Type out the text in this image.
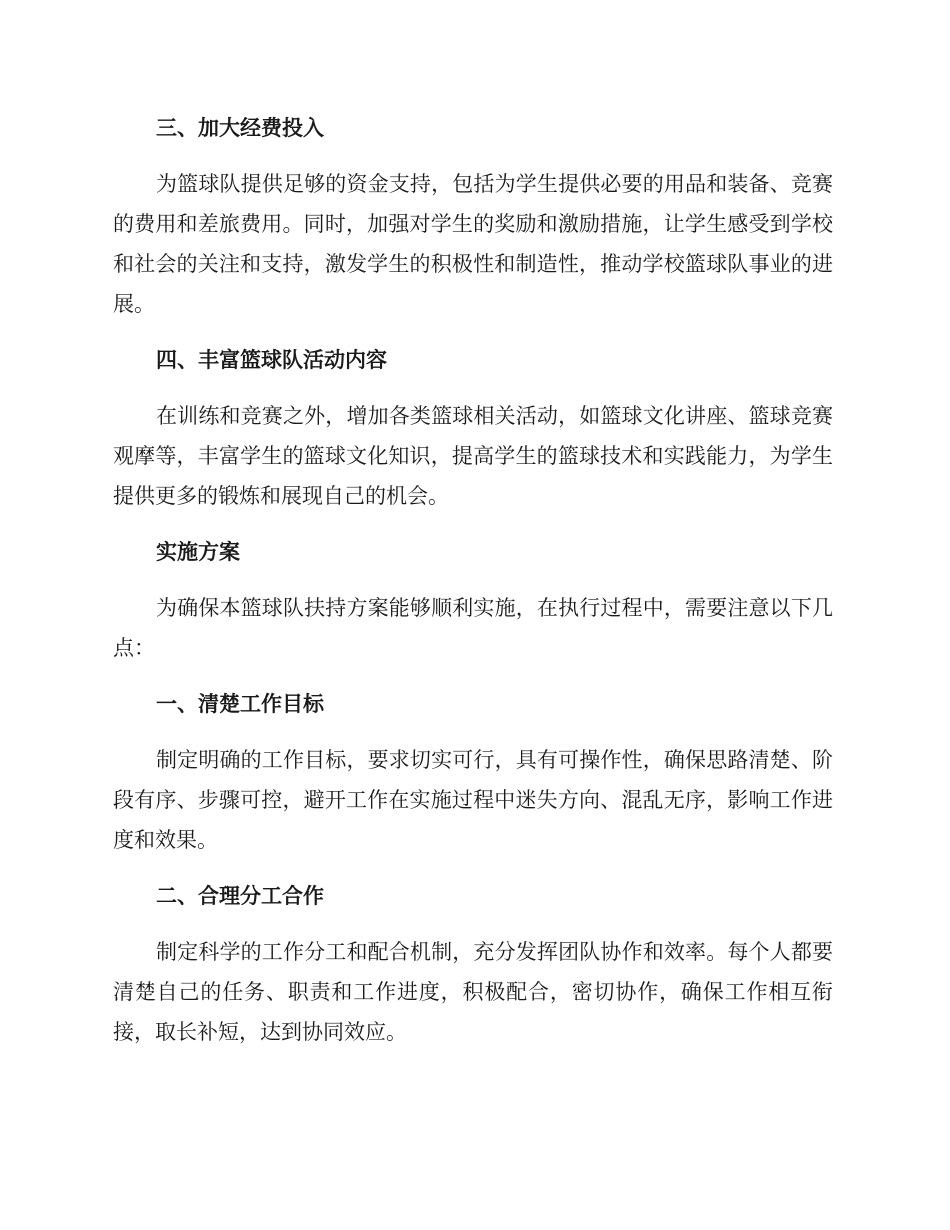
三、加大经费投入

为篮球队提供足够的资金支持，包括为学生提供必要的用品和装备、竞赛的费用和差旅费用。同时，加强对学生的奖励和激励措施，让学生感受到学校和社会的关注和支持，激发学生的积极性和制造性，推动学校篮球队事业的进展。

四、丰富篮球队活动内容

在训练和竞赛之外，增加各类篮球相关活动，如篮球文化讲座、篮球竞赛观摩等，丰富学生的篮球文化知识，提高学生的篮球技术和实践能力，为学生提供更多的锻炼和展现自己的机会。

实施方案

为确保本篮球队扶持方案能够顺利实施，在执行过程中，需要注意以下几点：

一、清楚工作目标

制定明确的工作目标，要求切实可行，具有可操作性，确保思路清楚、阶段有序、步骤可控，避开工作在实施过程中迷失方向、混乱无序，影响工作进度和效果。

二、合理分工合作

制定科学的工作分工和配合机制，充分发挥团队协作和效率。每个人都要清楚自己的任务、职责和工作进度，积极配合，密切协作，确保工作相互衔接，取长补短，达到协同效应。
